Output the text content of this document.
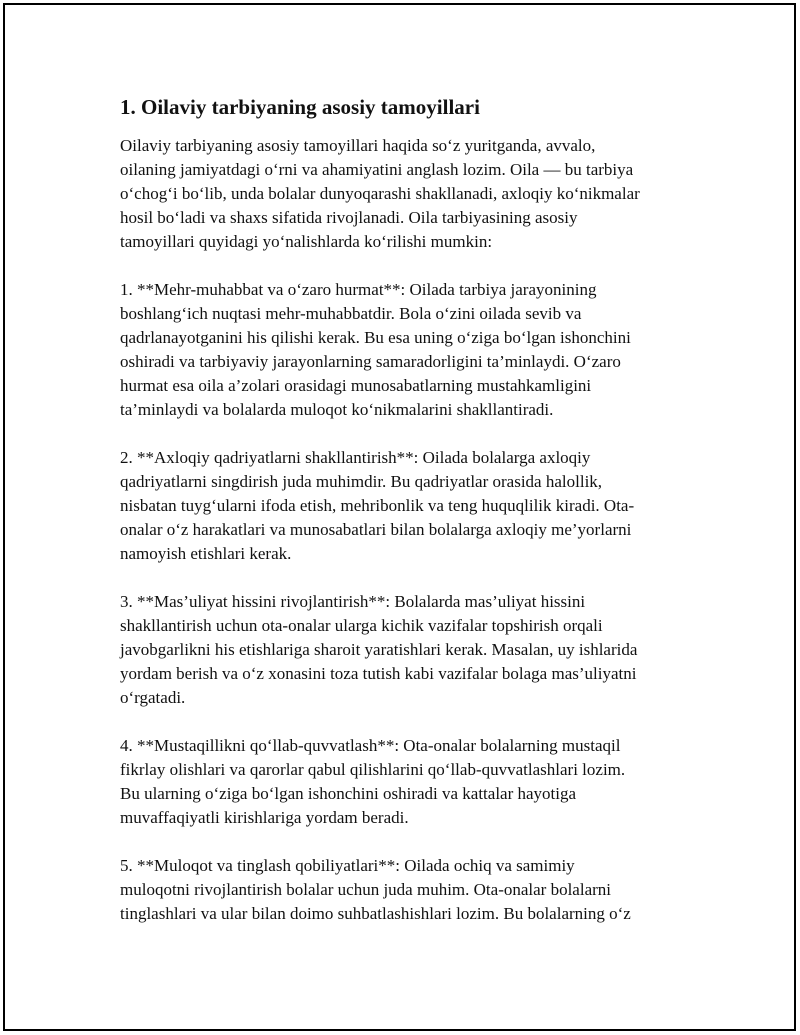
1. Oilaviy tarbiyaning asosiy tamoyillari

Oilaviy tarbiyaning asosiy tamoyillari haqida so‘z yuritganda, avvalo,
oilaning jamiyatdagi o‘rni va ahamiyatini anglash lozim. Oila — bu tarbiya
o‘chog‘i bo‘lib, unda bolalar dunyoqarashi shakllanadi, axloqiy ko‘nikmalar
hosil bo‘ladi va shaxs sifatida rivojlanadi. Oila tarbiyasining asosiy
tamoyillari quyidagi yo‘nalishlarda ko‘rilishi mumkin:

1. **Mehr-muhabbat va o‘zaro hurmat**: Oilada tarbiya jarayonining
boshlang‘ich nuqtasi mehr-muhabbatdir. Bola o‘zini oilada sevib va
qadrlanayotganini his qilishi kerak. Bu esa uning o‘ziga bo‘lgan ishonchini
oshiradi va tarbiyaviy jarayonlarning samaradorligini ta’minlaydi. O‘zaro
hurmat esa oila a’zolari orasidagi munosabatlarning mustahkamligini
ta’minlaydi va bolalarda muloqot ko‘nikmalarini shakllantiradi.

2. **Axloqiy qadriyatlarni shakllantirish**: Oilada bolalarga axloqiy
qadriyatlarni singdirish juda muhimdir. Bu qadriyatlar orasida halollik,
nisbatan tuyg‘ularni ifoda etish, mehribonlik va teng huquqlilik kiradi. Ota-
onalar o‘z harakatlari va munosabatlari bilan bolalarga axloqiy me’yorlarni
namoyish etishlari kerak.

3. **Mas’uliyat hissini rivojlantirish**: Bolalarda mas’uliyat hissini
shakllantirish uchun ota-onalar ularga kichik vazifalar topshirish orqali
javobgarlikni his etishlariga sharoit yaratishlari kerak. Masalan, uy ishlarida
yordam berish va o‘z xonasini toza tutish kabi vazifalar bolaga mas’uliyatni
o‘rgatadi.

4. **Mustaqillikni qo‘llab-quvvatlash**: Ota-onalar bolalarning mustaqil
fikrlay olishlari va qarorlar qabul qilishlarini qo‘llab-quvvatlashlari lozim.
Bu ularning o‘ziga bo‘lgan ishonchini oshiradi va kattalar hayotiga
muvaffaqiyatli kirishlariga yordam beradi.

5. **Muloqot va tinglash qobiliyatlari**: Oilada ochiq va samimiy
muloqotni rivojlantirish bolalar uchun juda muhim. Ota-onalar bolalarni
tinglashlari va ular bilan doimo suhbatlashishlari lozim. Bu bolalarning o‘z
